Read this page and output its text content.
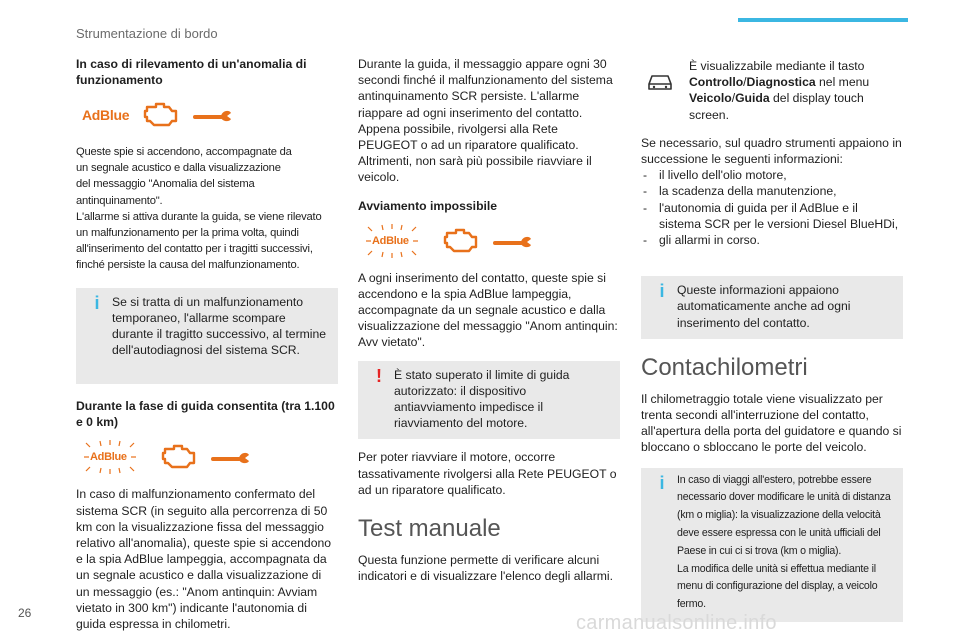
Strumentazione di bordo
In caso di rilevamento di un'anomalia di funzionamento
AdBlue

Queste spie si accendono, accompagnate da

un segnale acustico e dalla visualizzazione

del messaggio "Anomalia del sistema

antinquinamento".

L'allarme si attiva durante la guida, se viene rilevato

un malfunzionamento per la prima volta, quindi

all'inserimento del contatto per i tragitti successivi,

finché persiste la causa del malfunzionamento.

i	Se si tratta di un malfunzionamento temporaneo, l'allarme scompare durante il tragitto successivo, al termine dell'autodiagnosi del sistema SCR.

Durante la fase di guida consentita (tra 1.100 e 0 km)
AdBlue

In caso di malfunzionamento confermato del sistema SCR (in seguito alla percorrenza di 50 km con la visualizzazione fissa del messaggio relativo all'anomalia), queste spie si accendono e la spia AdBlue lampeggia, accompagnata da un segnale acustico e dalla visualizzazione di un messaggio (es.: "Anom antinquin: Avviam vietato in 300 km") indicante l'autonomia di guida espressa in chilometri.

Durante la guida, il messaggio appare ogni 30 secondi finché il malfunzionamento del sistema antinquinamento SCR persiste. L'allarme riappare ad ogni inserimento del contatto.

Appena possibile, rivolgersi alla Rete PEUGEOT o ad un riparatore qualificato. Altrimenti, non sarà più possibile riavviare il veicolo.

Avviamento impossibile
AdBlue

A ogni inserimento del contatto, queste spie si accendono e la spia AdBlue lampeggia, accompagnate da un segnale acustico e dalla visualizzazione del messaggio "Anom antinquin: Avv vietato".

! È stato superato il limite di guida autorizzato: il dispositivo antiavviamento impedisce il riavviamento del motore.

Per poter riavviare il motore, occorre tassativamente rivolgersi alla Rete PEUGEOT o ad un riparatore qualificato.

Test manuale

Questa funzione permette di verificare alcuni indicatori e di visualizzare l'elenco degli allarmi.

È visualizzabile mediante il tasto Controllo/Diagnostica nel menu Veicolo/Guida del display touch screen.

Se necessario, sul quadro strumenti appaiono in successione le seguenti informazioni:

- il livello dell'olio motore,
- la scadenza della manutenzione,
- l'autonomia di guida per il AdBlue e il sistema SCR per le versioni Diesel BlueHDi,
- gli allarmi in corso.
i	Queste informazioni appaiono automaticamente anche ad ogni inserimento del contatto.

Contachilometri

Il chilometraggio totale viene visualizzato per trenta secondi all'interruzione del contatto, all'apertura della porta del guidatore e quando si bloccano o sbloccano le porte del veicolo.

i	In caso di viaggi all'estero, potrebbe essere

necessario dover modificare le unità di distanza

(km o miglia): la visualizzazione della velocità

deve essere espressa con le unità ufficiali del

Paese in cui ci si trova (km o miglia).

La modifica delle unità si effettua mediante il

menu di configurazione del display, a veicolo

fermo.

26	carmanualsonline.info
